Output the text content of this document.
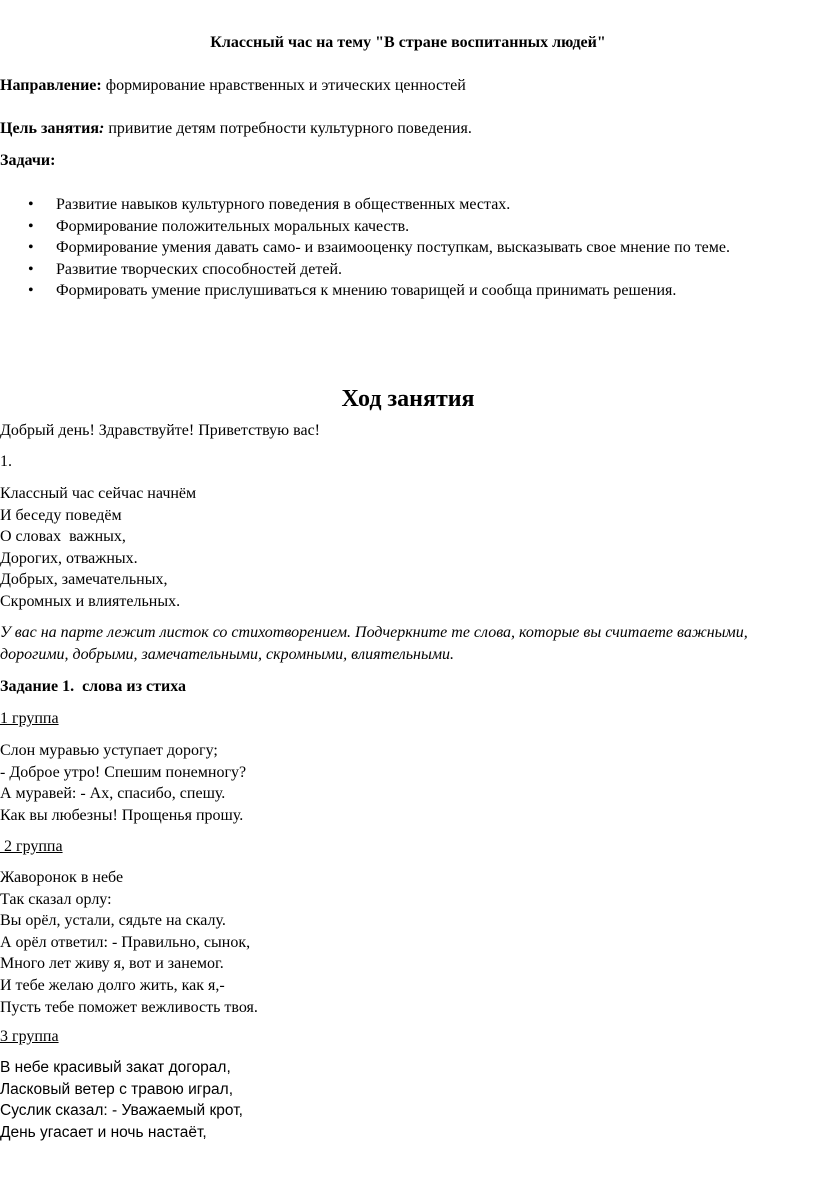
Классный час на тему "В стране воспитанных людей"

Направление: формирование нравственных и этических ценностей

Цель занятия: привитие детям потребности культурного поведения.

Задачи:

• Развитие навыков культурного поведения в общественных местах.
• Формирование положительных моральных качеств.
• Формирование умения давать само- и взаимооценку поступкам, высказывать свое мнение по теме.
• Развитие творческих способностей детей.
• Формировать умение прислушиваться к мнению товарищей и сообща принимать решения.
Ход занятия

Добрый день! Здравствуйте! Приветствую вас!

1.

Классный час сейчас начнём
И беседу поведём
О словах  важных,
Дорогих, отважных.
Добрых, замечательных,
Скромных и влиятельных.

У вас на парте лежит листок со стихотворением. Подчеркните те слова, которые вы считаете важными, дорогими, добрыми, замечательными, скромными, влиятельными.

Задание 1.  слова из стиха

1 группа

Слон муравью уступает дорогу;
- Доброе утро! Спешим понемногу?
А муравей: - Ах, спасибо, спешу.
Как вы любезны! Прощенья прошу.

2 группа

Жаворонок в небе
Так сказал орлу:
Вы орёл, устали, сядьте на скалу.
А орёл ответил: - Правильно, сынок,
Много лет живу я, вот и занемог.
И тебе желаю долго жить, как я,-
Пусть тебе поможет вежливость твоя.

3 группа

В небе красивый закат догорал,
Ласковый ветер с травою играл,
Суслик сказал: - Уважаемый крот,
День угасает и ночь настаёт,
